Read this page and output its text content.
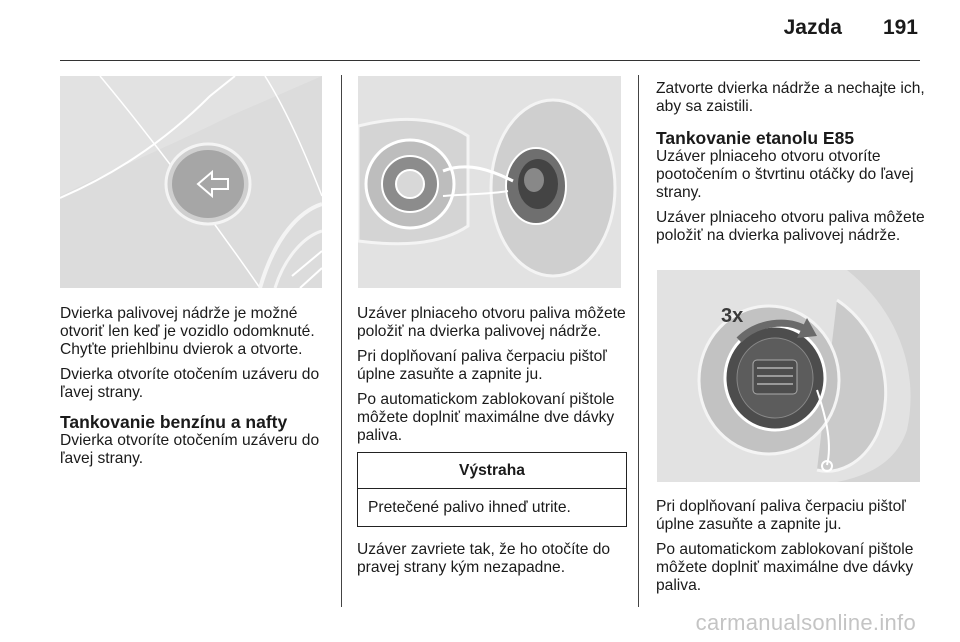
Jazda 191
3x

Dvierka palivovej nádrže je možné otvoriť len keď je vozidlo odomknuté. Chyťte priehlbinu dvierok a otvorte.

Dvierka otvoríte otočením uzáveru do ľavej strany.

Tankovanie benzínu a nafty

Dvierka otvoríte otočením uzáveru do ľavej strany.

Uzáver plniaceho otvoru paliva môžete položiť na dvierka palivovej nádrže.

Pri doplňovaní paliva čerpaciu pištoľ úplne zasuňte a zapnite ju.

Po automatickom zablokovaní pištole môžete doplniť maximálne dve dávky paliva.

Výstraha
Pretečené palivo ihneď utrite.

Uzáver zavriete tak, že ho otočíte do pravej strany kým nezapadne.

Zatvorte dvierka nádrže a nechajte ich, aby sa zaistili.

Tankovanie etanolu E85

Uzáver plniaceho otvoru otvoríte pootočením o štvrtinu otáčky do ľavej strany.

Uzáver plniaceho otvoru paliva môžete položiť na dvierka palivovej nádrže.

Pri doplňovaní paliva čerpaciu pištoľ úplne zasuňte a zapnite ju.

Po automatickom zablokovaní pištole môžete doplniť maximálne dve dávky paliva.

carmanualsonline.info
